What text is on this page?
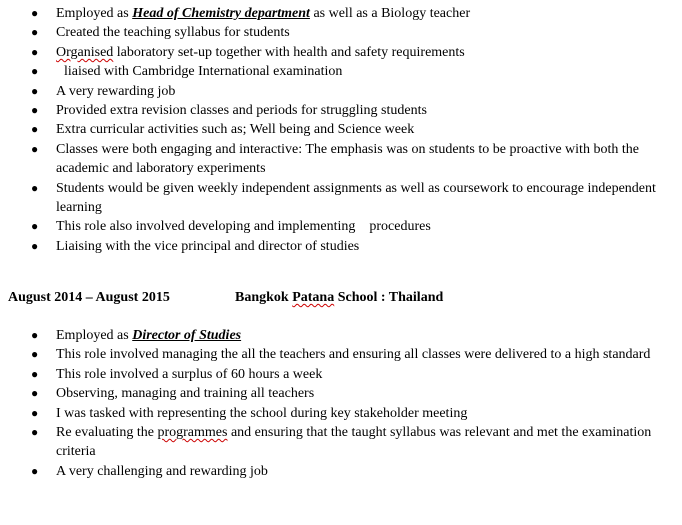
● Employed as Head of Chemistry department as well as a Biology teacher
● Created the teaching syllabus for students
● Organised laboratory set-up together with health and safety requirements
● liaised with Cambridge International examination
● A very rewarding job
● Provided extra revision classes and periods for struggling students
● Extra curricular activities such as; Well being and Science week
● Classes were both engaging and interactive: The emphasis was on students to be proactive with both the academic and laboratory experiments
● Students would be given weekly independent assignments as well as coursework to encourage independent learning
● This role also involved developing and implementing    procedures
● Liaising with the vice principal and director of studies
August 2014 – August 2015	Bangkok Patana School : Thailand
● Employed as Director of Studies
● This role involved managing the all the teachers and ensuring all classes were delivered to a high standard
● This role involved a surplus of 60 hours a week
● Observing, managing and training all teachers
● I was tasked with representing the school during key stakeholder meeting
● Re evaluating the programmes and ensuring that the taught syllabus was relevant and met the examination criteria
● A very challenging and rewarding job
